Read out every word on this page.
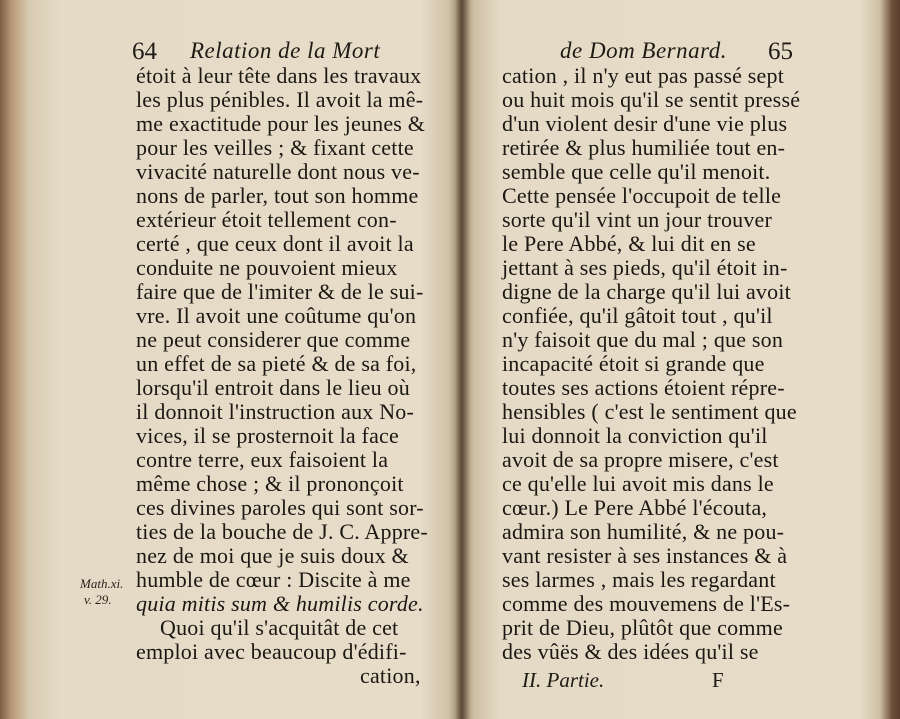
64 Relation de la Mort
étoit à leur tête dans les travaux
les plus pénibles. Il avoit la mê-
me exactitude pour les jeunes &
pour les veilles ; & fixant cette
vivacité naturelle dont nous ve-
nons de parler, tout son homme
extérieur étoit tellement con-
certé , que ceux dont il avoit la
conduite ne pouvoient mieux
faire que de l'imiter & de le sui-
vre. Il avoit une coûtume qu'on
ne peut considerer que comme
un effet de sa pieté & de sa foi,
lorsqu'il entroit dans le lieu où
il donnoit l'instruction aux No-
vices, il se prosternoit la face
contre terre, eux faisoient la
même chose ; & il prononçoit
ces divines paroles qui sont sor-
ties de la bouche de J. C. Appre-
nez de moi que je suis doux &
humble de cœur : Discite à me
quia mitis sum & humilis corde.
Quoi qu'il s'acquitât de cet
emploi avec beaucoup d'édifi-
cation,
Math.xi.
v. 29.
de Dom Bernard. 65
cation , il n'y eut pas passé sept
ou huit mois qu'il se sentit pressé
d'un violent desir d'une vie plus
retirée & plus humiliée tout en-
semble que celle qu'il menoit.
Cette pensée l'occupoit de telle
sorte qu'il vint un jour trouver
le Pere Abbé, & lui dit en se
jettant à ses pieds, qu'il étoit in-
digne de la charge qu'il lui avoit
confiée, qu'il gâtoit tout , qu'il
n'y faisoit que du mal ; que son
incapacité étoit si grande que
toutes ses actions étoient répre-
hensibles ( c'est le sentiment que
lui donnoit la conviction qu'il
avoit de sa propre misere, c'est
ce qu'elle lui avoit mis dans le
cœur.) Le Pere Abbé l'écouta,
admira son humilité, & ne pou-
vant resister à ses instances & à
ses larmes , mais les regardant
comme des mouvemens de l'Es-
prit de Dieu, plûtôt que comme
des vûës & des idées qu'il se
II. Partie.	F
